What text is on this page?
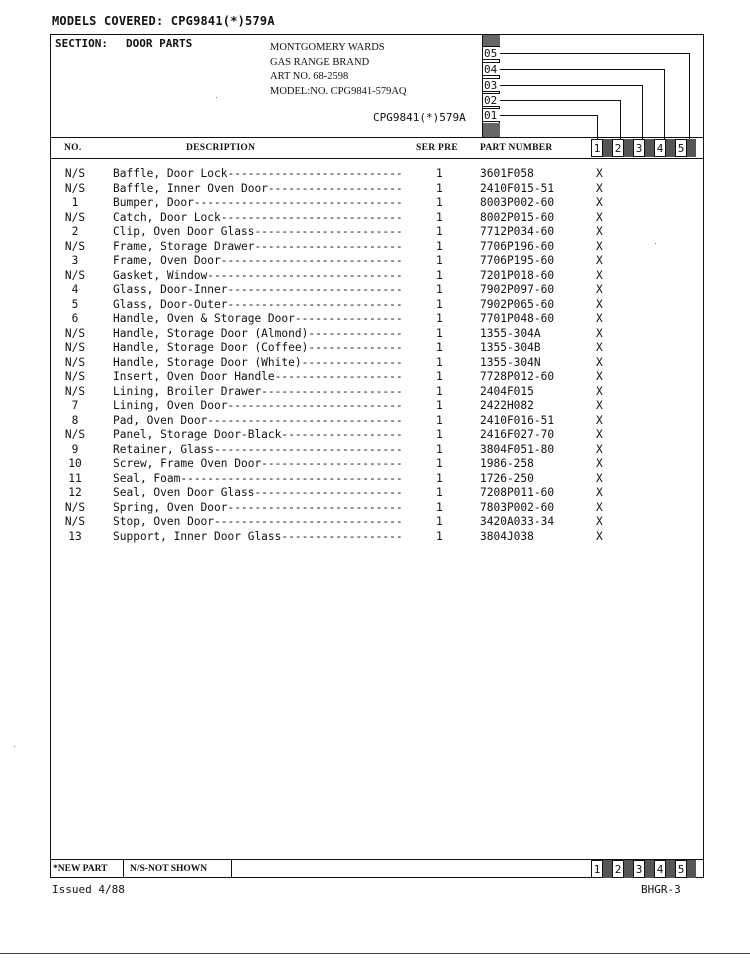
MODELS COVERED: CPG9841(*)579A
SECTION: DOOR PARTS	MONTGOMERY WARDS
GAS RANGE BRAND
ART NO. 68-2598
MODEL:NO. CPG9841-579AQ
CPG9841(*)579A
05
04
03
02
01
NO.	DESCRIPTION	SER PRE PART NUMBER	1 2 3 4 5
N/S	Baffle, Door Lock--------------------------	1	3601F058	X
N/S	Baffle, Inner Oven Door--------------------	1	2410F015-51	X
1	Bumper, Door-------------------------------	1	8003P002-60	X
N/S	Catch, Door Lock---------------------------	1	8002P015-60	X
2	Clip, Oven Door Glass----------------------	1	7712P034-60	X
N/S	Frame, Storage Drawer----------------------	1	7706P196-60	X
3	Frame, Oven Door---------------------------	1	7706P195-60	X
N/S	Gasket, Window-----------------------------	1	7201P018-60	X
4	Glass, Door-Inner--------------------------	1	7902P097-60	X
5	Glass, Door-Outer--------------------------	1	7902P065-60	X
6	Handle, Oven & Storage Door----------------	1	7701P048-60	X
N/S	Handle, Storage Door (Almond)--------------	1	1355-304A	X
N/S	Handle, Storage Door (Coffee)--------------	1	1355-304B	X
N/S	Handle, Storage Door (White)---------------	1	1355-304N	X
N/S	Insert, Oven Door Handle-------------------	1	7728P012-60	X
N/S	Lining, Broiler Drawer---------------------	1	2404F015	X
7	Lining, Oven Door--------------------------	1	2422H082	X
8	Pad, Oven Door-----------------------------	1	2410F016-51	X
N/S	Panel, Storage Door-Black------------------	1	2416F027-70	X
9	Retainer, Glass----------------------------	1	3804F051-80	X
10	Screw, Frame Oven Door---------------------	1	1986-258	X
11	Seal, Foam---------------------------------	1	1726-250	X
12	Seal, Oven Door Glass----------------------	1	7208P011-60	X
N/S	Spring, Oven Door--------------------------	1	7803P002-60	X
N/S	Stop, Oven Door----------------------------	1	3420A033-34	X
13	Support, Inner Door Glass------------------	1	3804J038	X
*NEW PART	N/S-NOT SHOWN	1 2 3 4 5
Issued 4/88	BHGR-3
